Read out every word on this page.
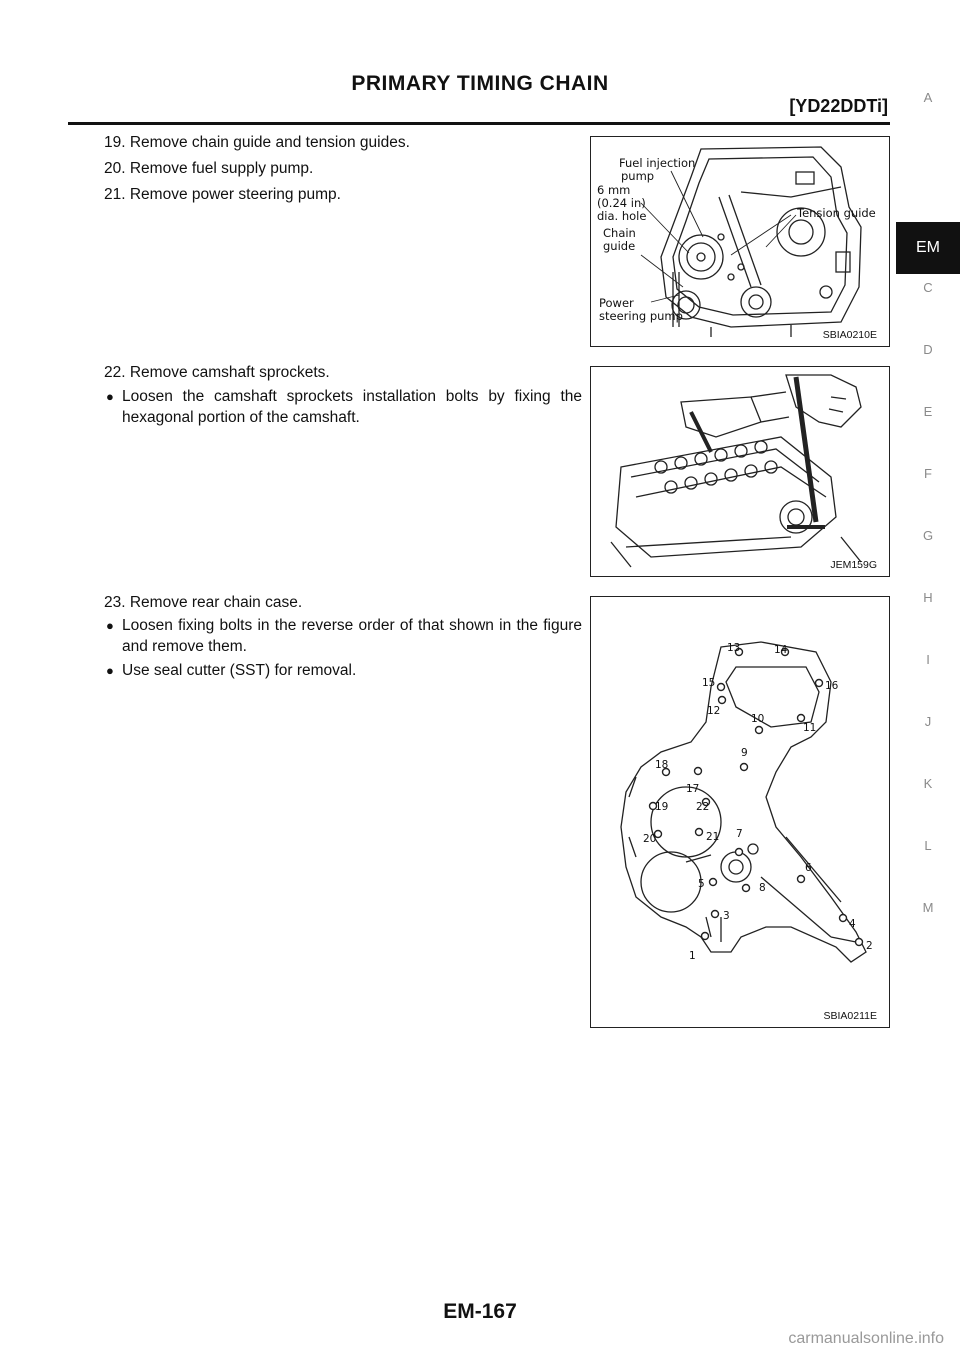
PRIMARY TIMING CHAIN
[YD22DDTi]
19. Remove chain guide and tension guides.
20. Remove fuel supply pump.
21. Remove power steering pump.
22. Remove camshaft sprockets.
● Loosen the camshaft sprockets installation bolts by fixing the hexagonal portion of the camshaft.
23. Remove rear chain case.
● Loosen fixing bolts in the reverse order of that shown in the figure and remove them.
● Use seal cutter (SST) for removal.
Fuel injection
pump
6 mm
(0.24 in)
dia. hole
Chain
guide
Tension guide
Power
steering pump
SBIA0210E
JEM159G
1
2
3
4
5
6
7
8
9
10
11
12
13	14
15	16
17
18
19
20	21
22
SBIA0211E
A
EM
C
D
E
F
G
H
I
J
K
L
M
EM-167
carmanualsonline.info
